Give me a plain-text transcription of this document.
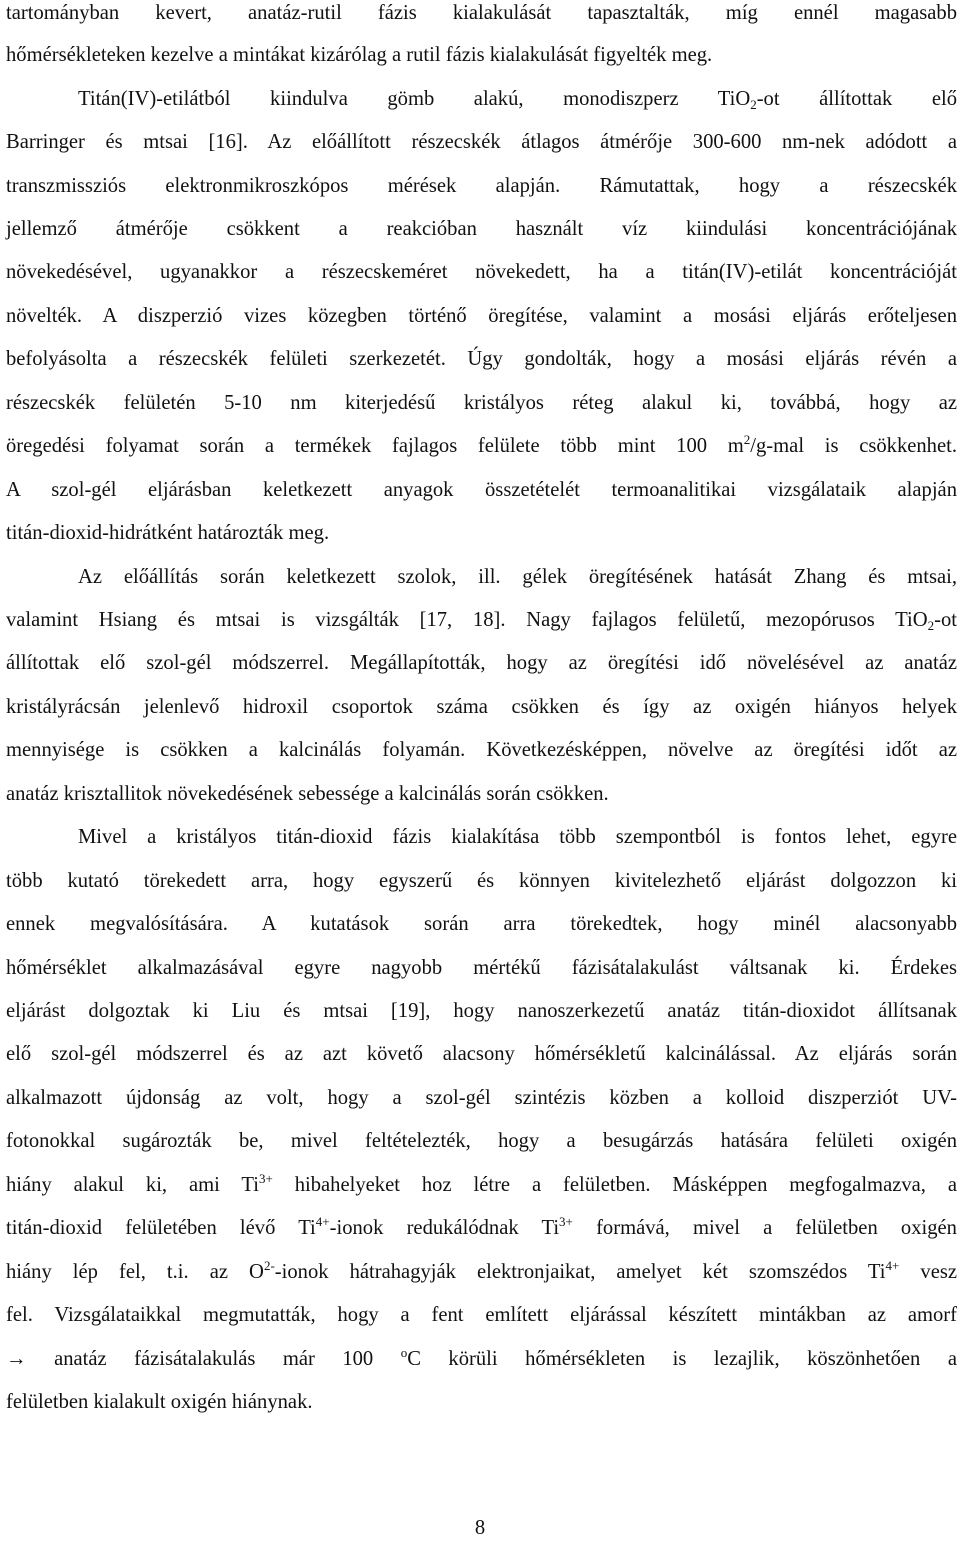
tartományban kevert, anatáz-rutil fázis kialakulását tapasztalták, míg ennél magasabb
hőmérsékleteken kezelve a mintákat kizárólag a rutil fázis kialakulását figyelték meg.
Titán(IV)-etilátból kiindulva gömb alakú, monodiszperz TiO$_2$-ot állítottak elő
Barringer és mtsai [16]. Az előállított részecskék átlagos átmérője 300-600 nm-nek adódott a
transzmissziós elektronmikroszkópos mérések alapján. Rámutattak, hogy a részecskék
jellemző átmérője csökkent a reakcióban használt víz kiindulási koncentrációjának
növekedésével, ugyanakkor a részecskeméret növekedett, ha a titán(IV)-etilát koncentrációját
növelték. A diszperzió vizes közegben történő öregítése, valamint a mosási eljárás erőteljesen
befolyásolta a részecskék felületi szerkezetét. Úgy gondolták, hogy a mosási eljárás révén a
részecskék felületén 5-10 nm kiterjedésű kristályos réteg alakul ki, továbbá, hogy az
öregedési folyamat során a termékek fajlagos felülete több mint 100 $m^2/g$-mal is csökkenhet.
A szol-gél eljárásban keletkezett anyagok összetételét termoanalitikai vizsgálataik alapján
titán-dioxid-hidrátként határozták meg.
Az előállítás során keletkezett szolok, ill. gélek öregítésének hatását Zhang és mtsai,
valamint Hsiang és mtsai is vizsgálták [17, 18]. Nagy fajlagos felületű, mezopórusos TiO$_2$-ot
állítottak elő szol-gél módszerrel. Megállapították, hogy az öregítési idő növelésével az anatáz
kristályrácsán jelenlevő hidroxil csoportok száma csökken és így az oxigén hiányos helyek
mennyisége is csökken a kalcinálás folyamán. Következésképpen, növelve az öregítési időt az
anatáz krisztallitok növekedésének sebessége a kalcinálás során csökken.
Mivel a kristályos titán-dioxid fázis kialakítása több szempontból is fontos lehet, egyre
több kutató törekedett arra, hogy egyszerű és könnyen kivitelezhető eljárást dolgozzon ki
ennek megvalósítására. A kutatások során arra törekedtek, hogy minél alacsonyabb
hőmérséklet alkalmazásával egyre nagyobb mértékű fázisátalakulást váltsanak ki. Érdekes
eljárást dolgoztak ki Liu és mtsai [19], hogy nanoszerkezetű anatáz titán-dioxidot állítsanak
elő szol-gél módszerrel és az azt követő alacsony hőmérsékletű kalcinálással. Az eljárás során
alkalmazott újdonság az volt, hogy a szol-gél szintézis közben a kolloid diszperziót UV-
fotonokkal sugározták be, mivel feltételezték, hogy a besugárzás hatására felületi oxigén
hiány alakul ki, ami $Ti^{3+}$ hibahelyeket hoz létre a felületben. Másképpen megfogalmazva, a
titán-dioxid felületében lévő $Ti^{4+}$-ionok redukálódnak $Ti^{3+}$ formává, mivel a felületben oxigén
hiány lép fel, t.i. az $O^{2-}$-ionok hátrahagyják elektronjaikat, amelyet két szomszédos $Ti^{4+}$ vesz
fel. Vizsgálataikkal megmutatták, hogy a fent említett eljárással készített mintákban az amorf
→ anatáz fázisátalakulás már 100 $^o$C körüli hőmérsékleten is lezajlik, köszönhetően a
felületben kialakult oxigén hiánynak.
8
